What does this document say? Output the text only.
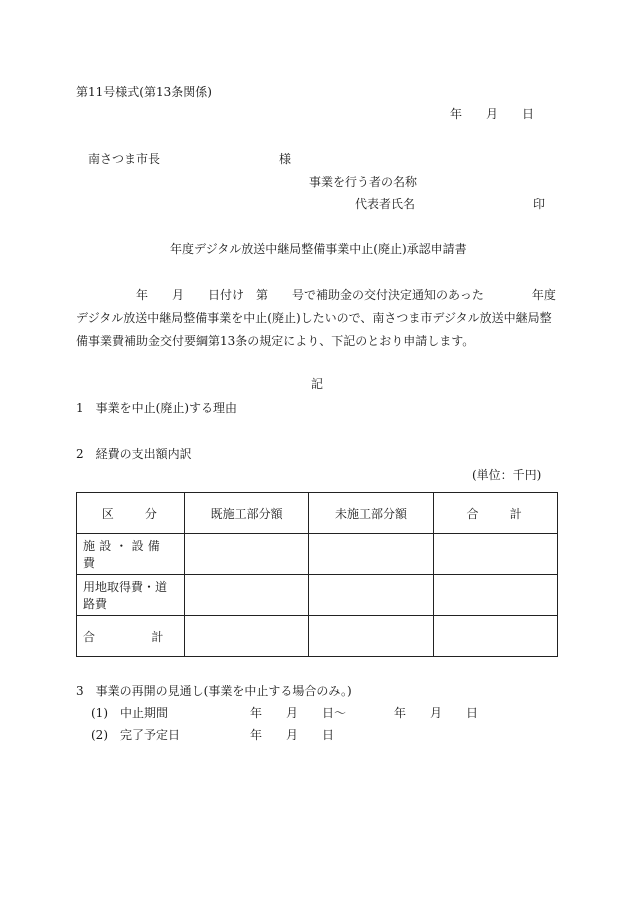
第11号様式(第13条関係)
年　　月　　日
南さつま市長	様
事業を行う者の名称
代表者氏名	印
年度デジタル放送中継局整備事業中止(廃止)承認申請書
　　　　　年　　月　　日付け　第　　号で補助金の交付決定通知のあった　　　　年度
デジタル放送中継局整備事業を中止(廃止)したいので、南さつま市デジタル放送中継局整
備事業費補助金交付要綱第13条の規定により、下記のとおり申請します。
記
1　事業を中止(廃止)する理由
2　経費の支出額内訳
(単位：千円)
区　　分	既施工部分額	未施工部分額	合　　計
施設・設備費			
用地取得費・道路費			
合　　計			
3　事業の再開の見通し(事業を中止する場合のみ。)
(1)　中止期間	年　　月　　日～　　　　年　　月　　日
(2)　完了予定日	年　　月　　日
